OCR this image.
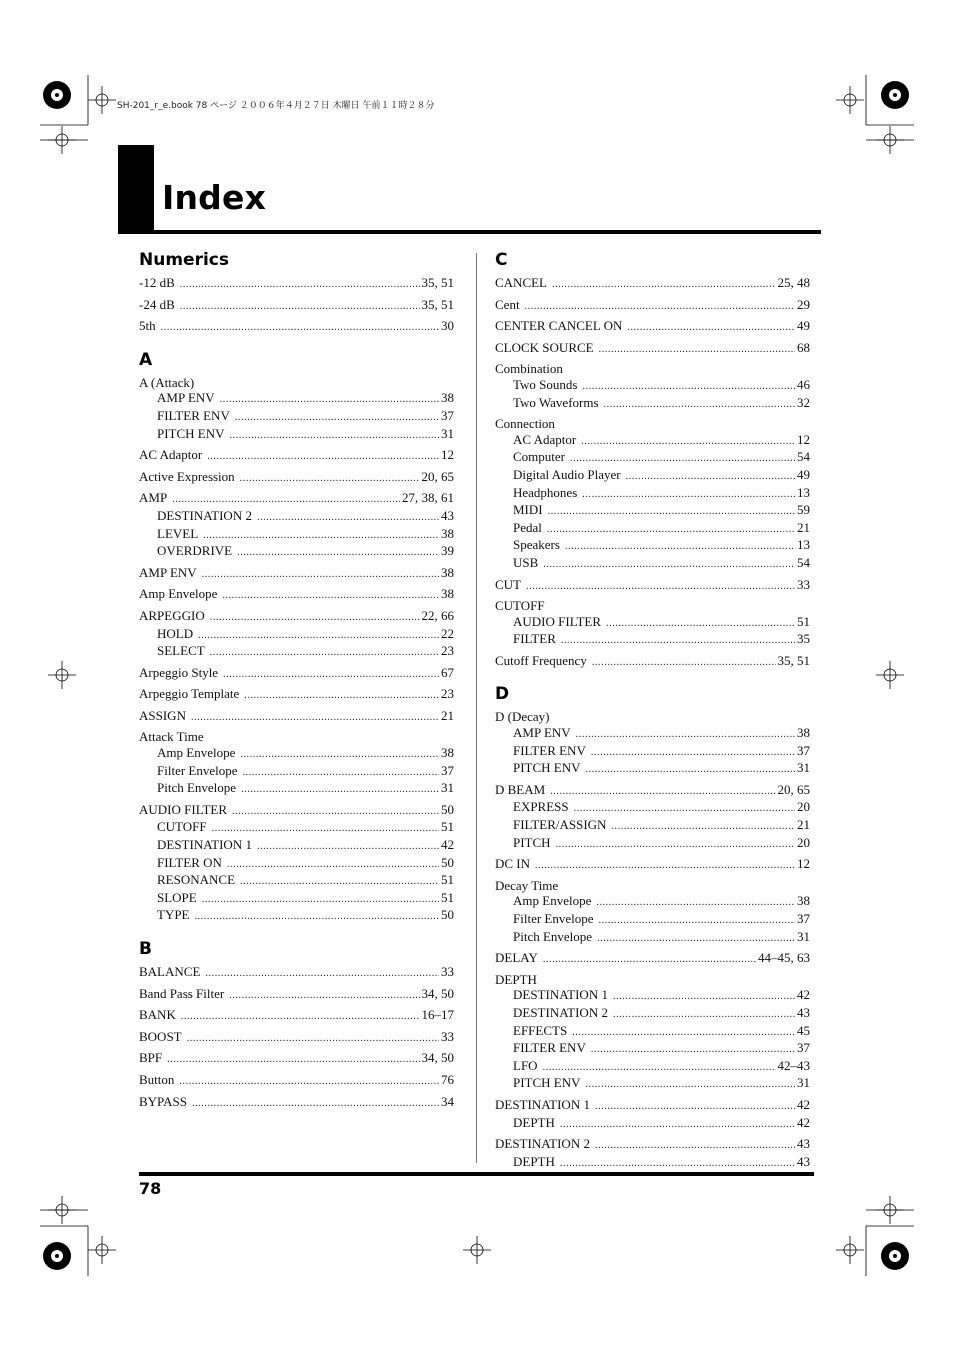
SH-201_r_e.book 78 ページ ２００６年４月２７日 木曜日 午前１１時２８分
Index
Numerics
-12 dB .....	35, 51
-24 dB .....	35, 51
5th .....	30
A
A (Attack)
AMP ENV .....	38
FILTER ENV .....	37
PITCH ENV .....	31
AC Adaptor .....	12
Active Expression .....	20, 65
AMP .....	27, 38, 61
DESTINATION 2 .....	43
LEVEL .....	38
OVERDRIVE .....	39
AMP ENV .....	38
Amp Envelope .....	38
ARPEGGIO .....	22, 66
HOLD .....	22
SELECT .....	23
Arpeggio Style .....	67
Arpeggio Template .....	23
ASSIGN .....	21
Attack Time
Amp Envelope .....	38
Filter Envelope .....	37
Pitch Envelope .....	31
AUDIO FILTER .....	50
CUTOFF .....	51
DESTINATION 1 .....	42
FILTER ON .....	50
RESONANCE .....	51
SLOPE .....	51
TYPE .....	50
B
BALANCE .....	33
Band Pass Filter .....	34, 50
BANK .....	16–17
BOOST .....	33
BPF .....	34, 50
Button .....	76
BYPASS .....	34
C
CANCEL .....	25, 48
Cent .....	29
CENTER CANCEL ON .....	49
CLOCK SOURCE .....	68
Combination
Two Sounds .....	46
Two Waveforms .....	32
Connection
AC Adaptor .....	12
Computer .....	54
Digital Audio Player .....	49
Headphones .....	13
MIDI .....	59
Pedal .....	21
Speakers .....	13
USB .....	54
CUT .....	33
CUTOFF
AUDIO FILTER .....	51
FILTER .....	35
Cutoff Frequency .....	35, 51
D
D (Decay)
AMP ENV .....	38
FILTER ENV .....	37
PITCH ENV .....	31
D BEAM .....	20, 65
EXPRESS .....	20
FILTER/ASSIGN .....	21
PITCH .....	20
DC IN .....	12
Decay Time
Amp Envelope .....	38
Filter Envelope .....	37
Pitch Envelope .....	31
DELAY .....	44–45, 63
DEPTH
DESTINATION 1 .....	42
DESTINATION 2 .....	43
EFFECTS .....	45
FILTER ENV .....	37
LFO .....	42–43
PITCH ENV .....	31
DESTINATION 1 .....	42
DEPTH .....	42
DESTINATION 2 .....	43
DEPTH .....	43
78
